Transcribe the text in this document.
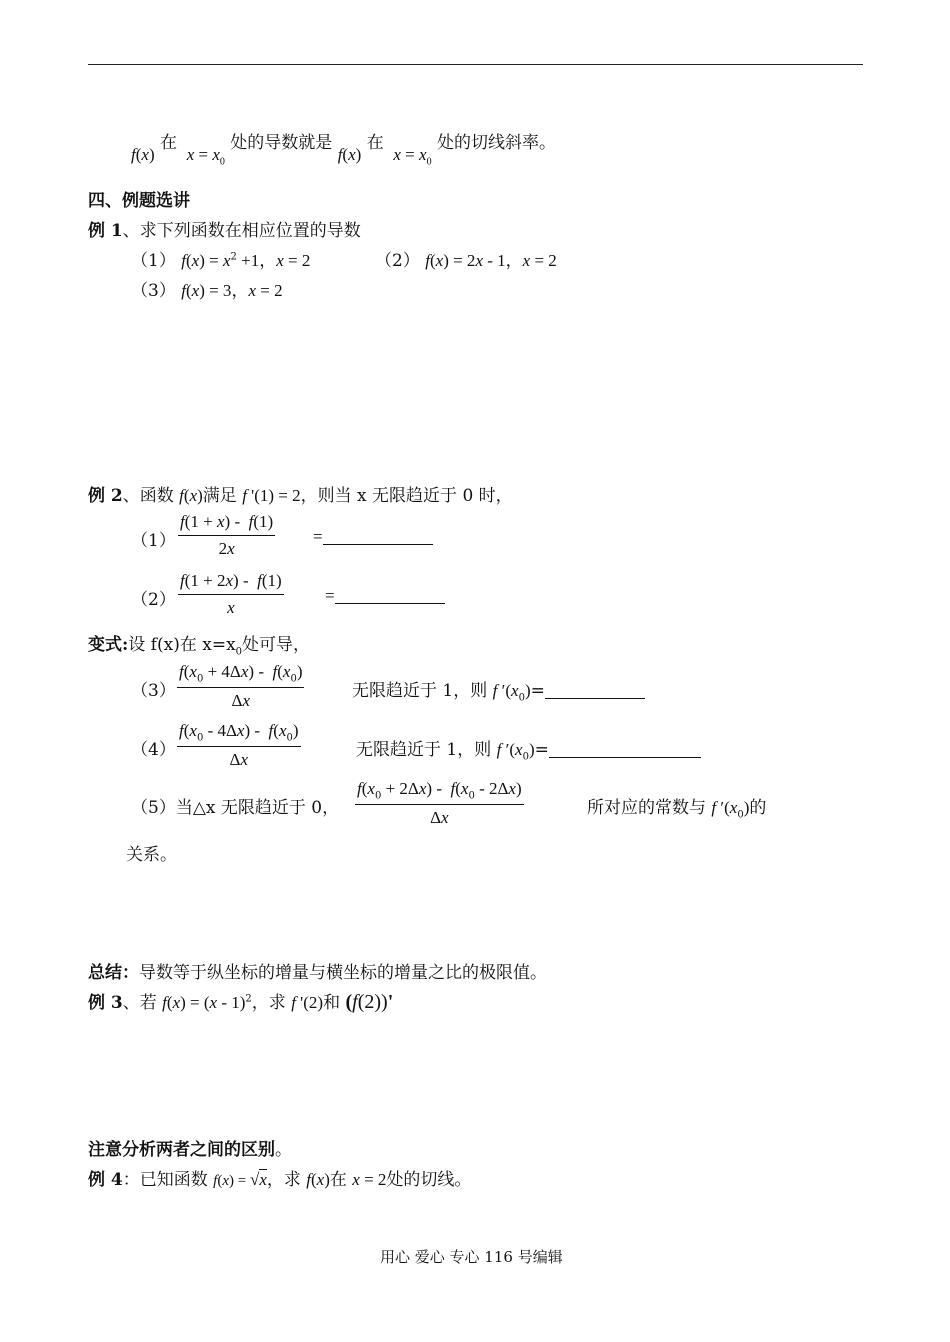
f(x) 在  $x = x_0$ 处的导数就是 f(x) 在  $x = x_0$ 处的切线斜率。
四、例题选讲
例 1、求下列函数在相应位置的导数
（1） $f(x) = x^2 +1$，x = 2	（2） f(x) = 2x - 1，x = 2
（3） f(x) = 3，x = 2
例 2、函数 f(x)满足 f '(1) = 2，则当 x 无限趋近于 0 时，
$(1) \frac{f(1 + x) - f(1)}{2x}$ =
$(2) \frac{f(1 + 2x) - f(1)}{x}$ =
变式:设 f(x)在 $x=x_0$处可导，
$(3) \frac{f(x_0 + 4\Delta x) - f(x_0)}{\Delta x}$	无限趋近于 1，则 f $'(x_0)=$
$(4) \frac{f(x_0 - 4\Delta x) - f(x_0)}{\Delta x}$	无限趋近于 1，则 f $'(x_0)=$
（5）当△x 无限趋近于 0， $\frac{f(x_0 + 2\Delta x) - f(x_0 - 2\Delta x)}{\Delta x}$	所对应的常数与 f $'(x_0)$的
关系。
总结：导数等于纵坐标的增量与横坐标的增量之比的极限值。
例 3、若 f(x) = (x - 1)$^2$，求 f '(2)和 (f(2))'
注意分析两者之间的区别。
例 4：已知函数 f(x) = √x，求 f(x)在 x = 2处的切线。
用心 爱心 专心 116 号编辑
